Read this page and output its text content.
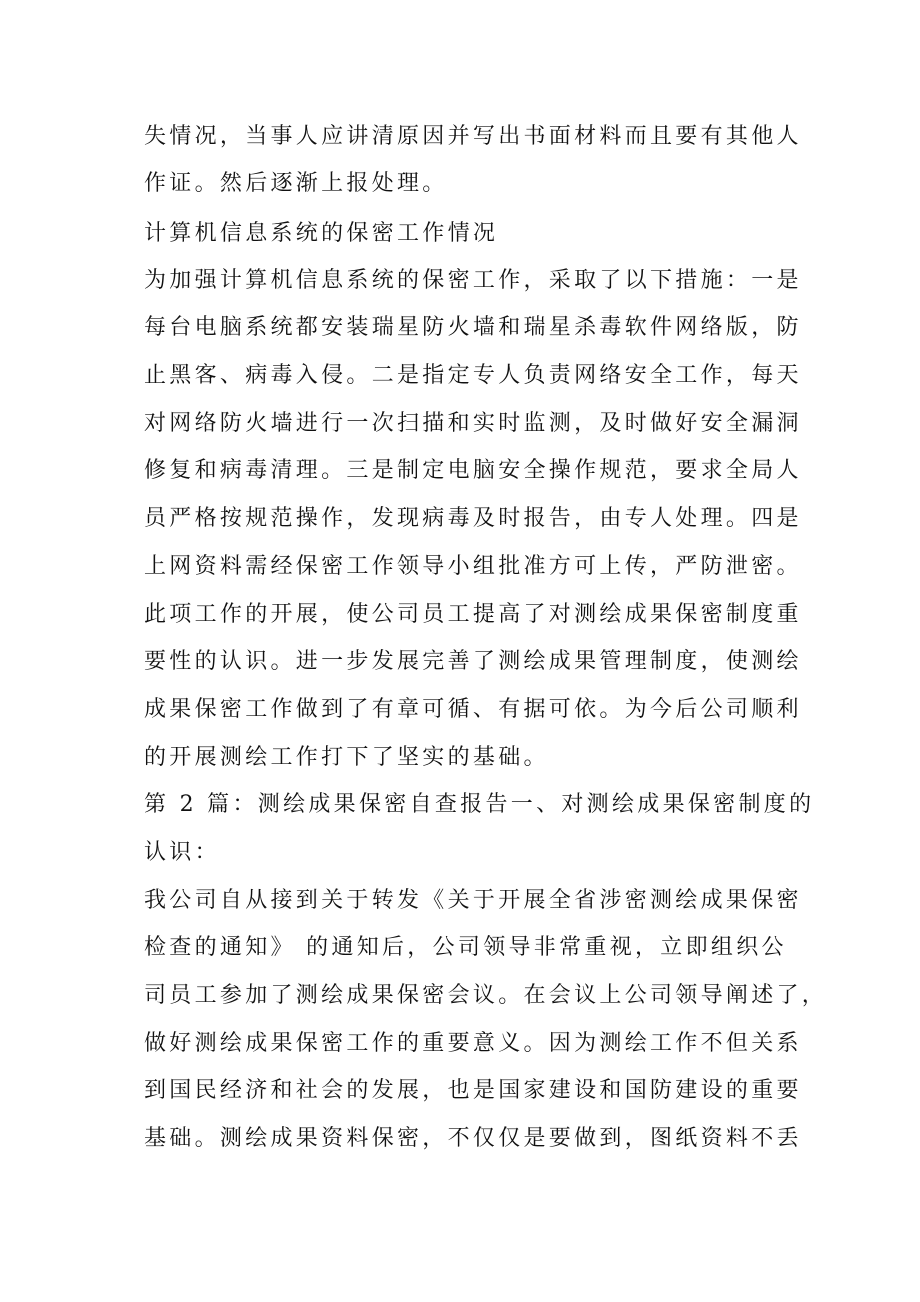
失情况，当事人应讲清原因并写出书面材料而且要有其他人
作证。然后逐渐上报处理。
计算机信息系统的保密工作情况
为加强计算机信息系统的保密工作，采取了以下措施：一是
每台电脑系统都安装瑞星防火墙和瑞星杀毒软件网络版，防
止黑客、病毒入侵。二是指定专人负责网络安全工作，每天
对网络防火墙进行一次扫描和实时监测，及时做好安全漏洞
修复和病毒清理。三是制定电脑安全操作规范，要求全局人
员严格按规范操作，发现病毒及时报告，由专人处理。四是
上网资料需经保密工作领导小组批准方可上传，严防泄密。
此项工作的开展，使公司员工提高了对测绘成果保密制度重
要性的认识。进一步发展完善了测绘成果管理制度，使测绘
成果保密工作做到了有章可循、有据可依。为今后公司顺利
的开展测绘工作打下了坚实的基础。
第 2 篇：测绘成果保密自查报告一、对测绘成果保密制度的
认识：
我公司自从接到关于转发《关于开展全省涉密测绘成果保密
检查的通知》 的通知后，公司领导非常重视，立即组织公
司员工参加了测绘成果保密会议。在会议上公司领导阐述了，
做好测绘成果保密工作的重要意义。因为测绘工作不但关系
到国民经济和社会的发展，也是国家建设和国防建设的重要
基础。测绘成果资料保密，不仅仅是要做到，图纸资料不丢
